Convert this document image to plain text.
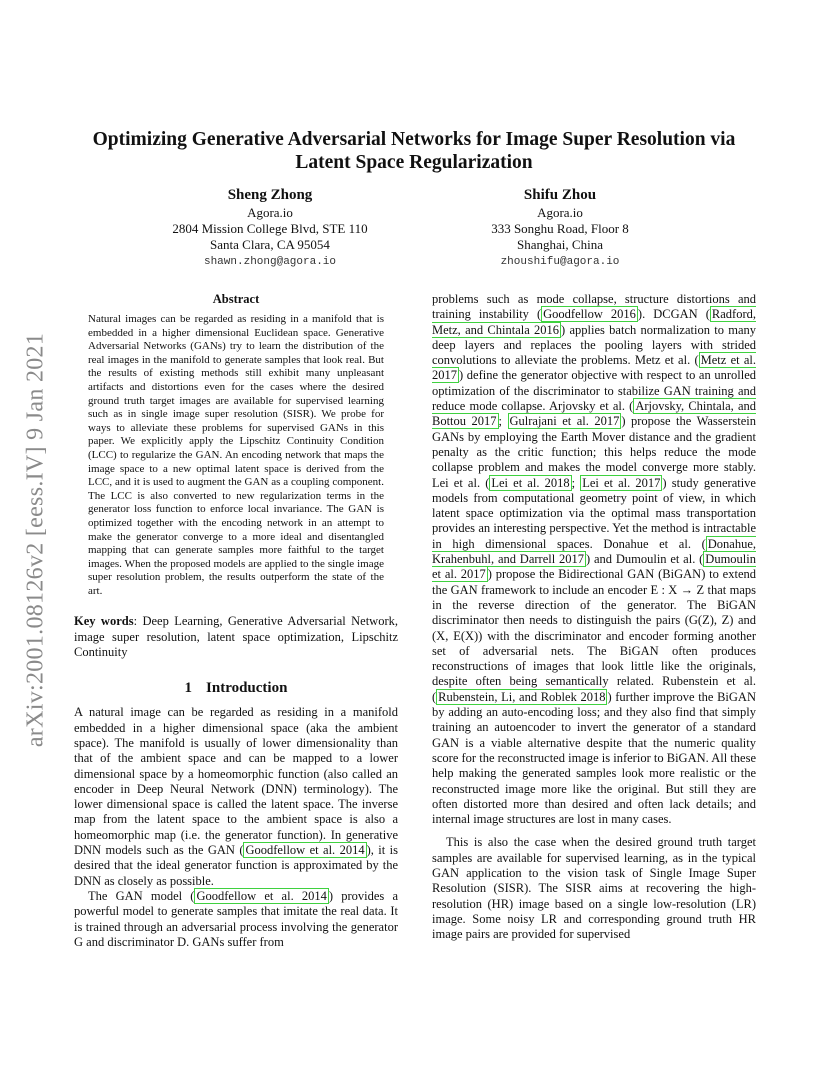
arXiv:2001.08126v2 [eess.IV] 9 Jan 2021
Optimizing Generative Adversarial Networks for Image Super Resolution via Latent Space Regularization
Sheng Zhong
Agora.io
2804 Mission College Blvd, STE 110
Santa Clara, CA 95054
shawn.zhong@agora.io
Shifu Zhou
Agora.io
333 Songhu Road, Floor 8
Shanghai, China
zhoushifu@agora.io
Abstract

Natural images can be regarded as residing in a manifold that is embedded in a higher dimensional Euclidean space. Generative Adversarial Networks (GANs) try to learn the distribution of the real images in the manifold to generate samples that look real. But the results of existing methods still exhibit many unpleasant artifacts and distortions even for the cases where the desired ground truth target images are available for supervised learning such as in single image super resolution (SISR). We probe for ways to alleviate these problems for supervised GANs in this paper. We explicitly apply the Lipschitz Continuity Condition (LCC) to regularize the GAN. An encoding network that maps the image space to a new optimal latent space is derived from the LCC, and it is used to augment the GAN as a coupling component. The LCC is also converted to new regularization terms in the generator loss function to enforce local invariance. The GAN is optimized together with the encoding network in an attempt to make the generator converge to a more ideal and disentangled mapping that can generate samples more faithful to the target images. When the proposed models are applied to the single image super resolution problem, the results outperform the state of the art.

Key words: Deep Learning, Generative Adversarial Network, image super resolution, latent space optimization, Lipschitz Continuity

1 Introduction

A natural image can be regarded as residing in a manifold embedded in a higher dimensional space (aka the ambient space). The manifold is usually of lower dimensionality than that of the ambient space and can be mapped to a lower dimensional space by a homeomorphic function (also called an encoder in Deep Neural Network (DNN) terminology). The lower dimensional space is called the latent space. The inverse map from the latent space to the ambient space is also a homeomorphic map (i.e. the generator function). In generative DNN models such as the GAN ( Goodfellow et al. 2014 ), it is desired that the ideal generator function is approximated by the DNN as closely as possible.

The GAN model ( Goodfellow et al. 2014 ) provides a powerful model to generate samples that imitate the real data. It is trained through an adversarial process involving the generator G and discriminator D. GANs suffer from

problems such as mode collapse, structure distortions and training instability ( Goodfellow 2016 ). DCGAN ( Radford, Metz, and Chintala 2016 ) applies batch normalization to many deep layers and replaces the pooling layers with strided convolutions to alleviate the problems. Metz et al. ( Metz et al. 2017 ) define the generator objective with respect to an unrolled optimization of the discriminator to stabilize GAN training and reduce mode collapse. Arjovsky et al. ( Arjovsky, Chintala, and Bottou 2017 ; Gulrajani et al. 2017 ) propose the Wasserstein GANs by employing the Earth Mover distance and the gradient penalty as the critic function; this helps reduce the mode collapse problem and makes the model converge more stably. Lei et al. ( Lei et al. 2018 ; Lei et al. 2017 ) study generative models from computational geometry point of view, in which latent space optimization via the optimal mass transportation provides an interesting perspective. Yet the method is intractable in high dimensional spaces. Donahue et al. ( Donahue, Krahenbuhl, and Darrell 2017 ) and Dumoulin et al. ( Dumoulin et al. 2017 ) propose the Bidirectional GAN (BiGAN) to extend the GAN framework to include an encoder E : X → Z that maps in the reverse direction of the generator. The BiGAN discriminator then needs to distinguish the pairs (G(Z), Z) and (X, E(X)) with the discriminator and encoder forming another set of adversarial nets. The BiGAN often produces reconstructions of images that look little like the originals, despite often being semantically related. Rubenstein et al. ( Rubenstein, Li, and Roblek 2018 ) further improve the BiGAN by adding an auto-encoding loss; and they also find that simply training an autoencoder to invert the generator of a standard GAN is a viable alternative despite that the numeric quality score for the reconstructed image is inferior to BiGAN. All these help making the generated samples look more realistic or the reconstructed image more like the original. But still they are often distorted more than desired and often lack details; and internal image structures are lost in many cases.

This is also the case when the desired ground truth target samples are available for supervised learning, as in the typical GAN application to the vision task of Single Image Super Resolution (SISR). The SISR aims at recovering the high-resolution (HR) image based on a single low-resolution (LR) image. Some noisy LR and corresponding ground truth HR image pairs are provided for supervised
